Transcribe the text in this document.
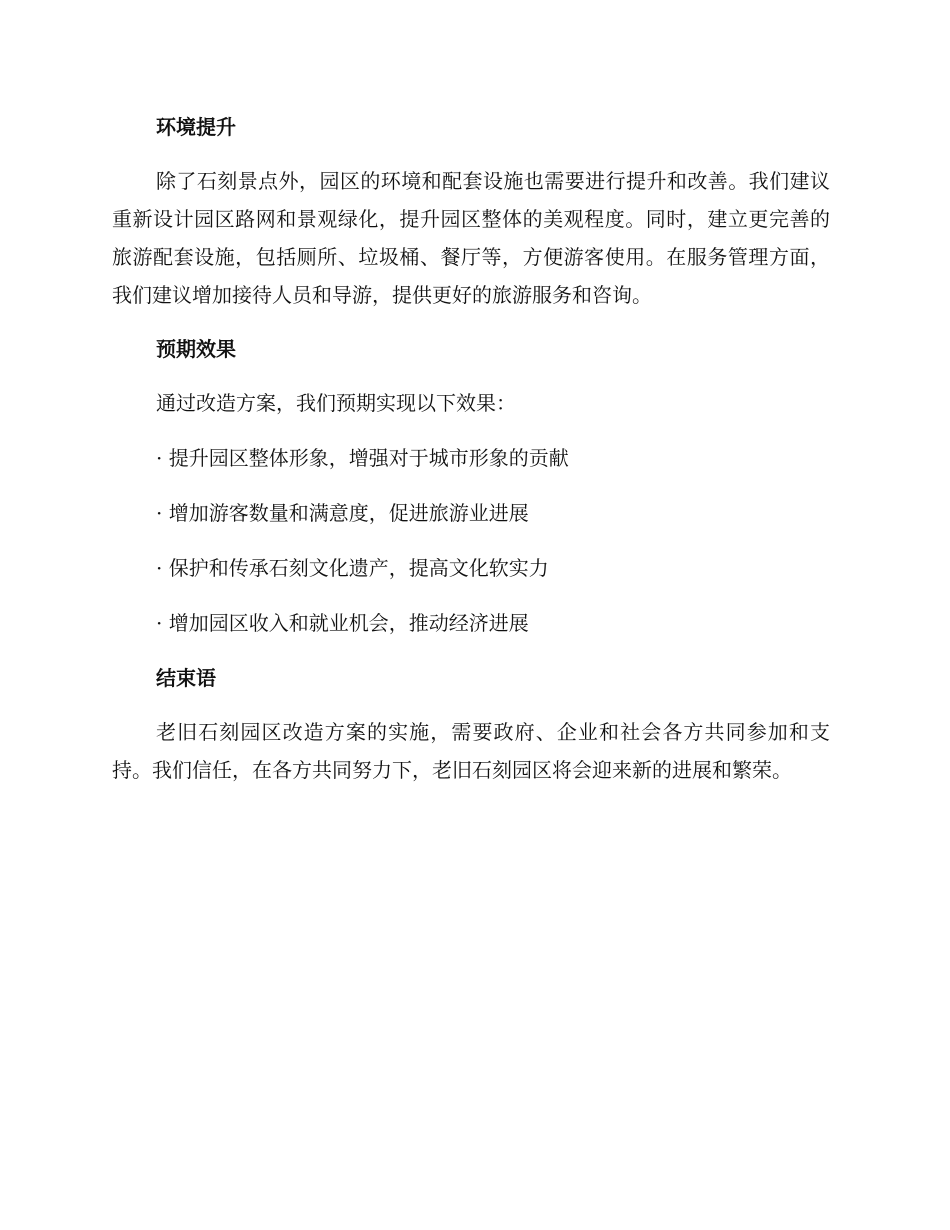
环境提升

除了石刻景点外，园区的环境和配套设施也需要进行提升和改善。我们建议重新设计园区路网和景观绿化，提升园区整体的美观程度。同时，建立更完善的旅游配套设施，包括厕所、垃圾桶、餐厅等，方便游客使用。在服务管理方面，我们建议增加接待人员和导游，提供更好的旅游服务和咨询。

预期效果

通过改造方案，我们预期实现以下效果：

· 提升园区整体形象，增强对于城市形象的贡献

· 增加游客数量和满意度，促进旅游业进展

· 保护和传承石刻文化遗产，提高文化软实力

· 增加园区收入和就业机会，推动经济进展

结束语

老旧石刻园区改造方案的实施，需要政府、企业和社会各方共同参加和支持。我们信任，在各方共同努力下，老旧石刻园区将会迎来新的进展和繁荣。
